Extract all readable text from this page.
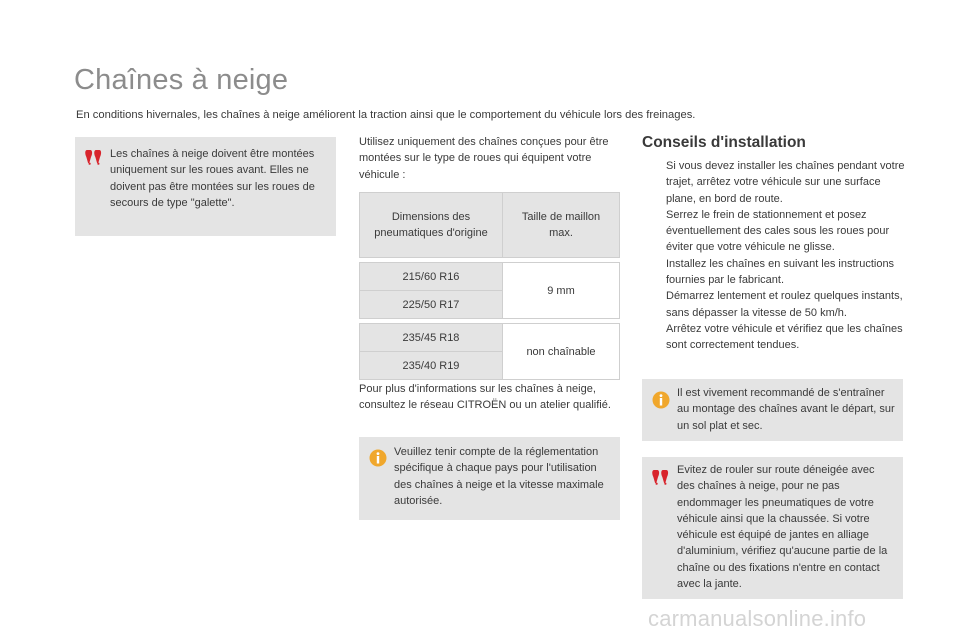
Chaînes à neige

En conditions hivernales, les chaînes à neige améliorent la traction ainsi que le comportement du véhicule lors des freinages.

Les chaînes à neige doivent être montées uniquement sur les roues avant. Elles ne doivent pas être montées sur les roues de secours de type "galette".

Utilisez uniquement des chaînes conçues pour être montées sur le type de roues qui équipent votre véhicule :

Dimensions des pneumatiques d'origine	Taille de maillon max.

215/60 R16	9 mm
225/50 R17	

235/45 R18	non chaînable
235/40 R19	

Pour plus d'informations sur les chaînes à neige, consultez le réseau CITROËN ou un atelier qualifié.

Veuillez tenir compte de la réglementation spécifique à chaque pays pour l'utilisation des chaînes à neige et la vitesse maximale autorisée.

Conseils d'installation
Si vous devez installer les chaînes pendant votre trajet, arrêtez votre véhicule sur une surface plane, en bord de route.
Serrez le frein de stationnement et posez éventuellement des cales sous les roues pour éviter que votre véhicule ne glisse.
Installez les chaînes en suivant les instructions fournies par le fabricant.
Démarrez lentement et roulez quelques instants, sans dépasser la vitesse de 50 km/h.
Arrêtez votre véhicule et vérifiez que les chaînes sont correctement tendues.

Il est vivement recommandé de s'entraîner au montage des chaînes avant le départ, sur un sol plat et sec.

Evitez de rouler sur route déneigée avec des chaînes à neige, pour ne pas endommager les pneumatiques de votre véhicule ainsi que la chaussée. Si votre véhicule est équipé de jantes en alliage d'aluminium, vérifiez qu'aucune partie de la chaîne ou des fixations n'entre en contact avec la jante.

carmanualsonline.info
